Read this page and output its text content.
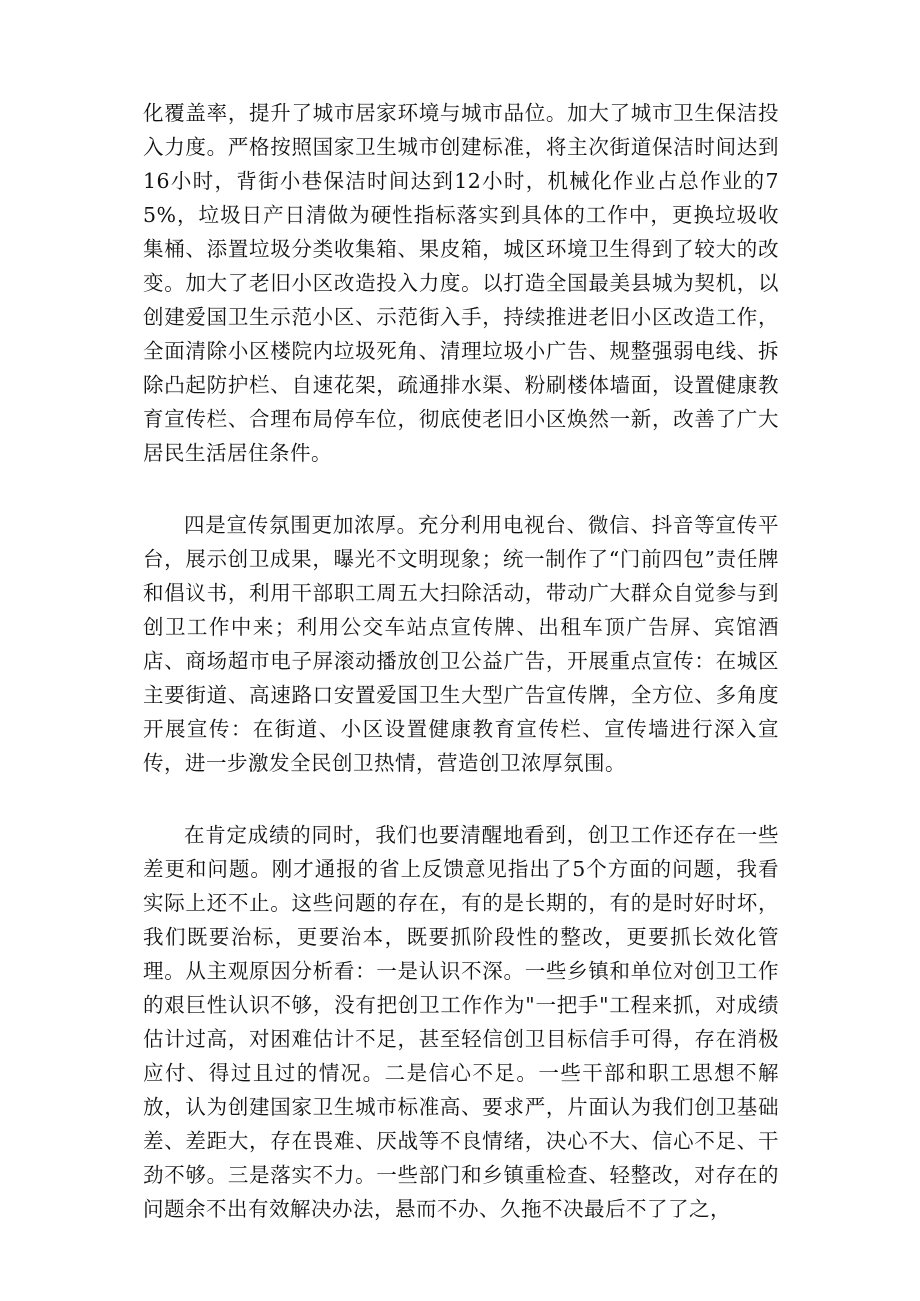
化覆盖率，提升了城市居家环境与城市品位。加大了城市卫生保洁投入力度。严格按照国家卫生城市创建标准，将主次街道保洁时间达到16小时，背街小巷保洁时间达到12小时，机械化作业占总作业的75%，垃圾日产日清做为硬性指标落实到具体的工作中，更换垃圾收集桶、添置垃圾分类收集箱、果皮箱，城区环境卫生得到了较大的改变。加大了老旧小区改造投入力度。以打造全国最美县城为契机，以创建爱国卫生示范小区、示范街入手，持续推进老旧小区改造工作，全面清除小区楼院内垃圾死角、清理垃圾小广告、规整强弱电线、拆除凸起防护栏、自速花架，疏通排水渠、粉刷楼体墙面，设置健康教育宣传栏、合理布局停车位，彻底使老旧小区焕然一新，改善了广大居民生活居住条件。

四是宣传氛围更加浓厚。充分利用电视台、微信、抖音等宣传平台，展示创卫成果，曝光不文明现象；统一制作了“门前四包”责任牌和倡议书，利用干部职工周五大扫除活动，带动广大群众自觉参与到创卫工作中来；利用公交车站点宣传牌、出租车顶广告屏、宾馆酒店、商场超市电子屏滚动播放创卫公益广告，开展重点宣传：在城区主要街道、高速路口安置爱国卫生大型广告宣传牌，全方位、多角度开展宣传：在街道、小区设置健康教育宣传栏、宣传墙进行深入宣传，进一步激发全民创卫热情，营造创卫浓厚氛围。

在肯定成绩的同时，我们也要清醒地看到，创卫工作还存在一些差更和问题。刚才通报的省上反馈意见指出了5个方面的问题，我看实际上还不止。这些问题的存在，有的是长期的，有的是时好时坏，我们既要治标，更要治本，既要抓阶段性的整改，更要抓长效化管理。从主观原因分析看：一是认识不深。一些乡镇和单位对创卫工作的艰巨性认识不够，没有把创卫工作作为"一把手"工程来抓，对成绩估计过高，对困难估计不足，甚至轻信创卫目标信手可得，存在消极应付、得过且过的情况。二是信心不足。一些干部和职工思想不解放，认为创建国家卫生城市标准高、要求严，片面认为我们创卫基础差、差距大，存在畏难、厌战等不良情绪，决心不大、信心不足、干劲不够。三是落实不力。一些部门和乡镇重检查、轻整改，对存在的问题余不出有效解决办法，悬而不办、久拖不决最后不了了之，
